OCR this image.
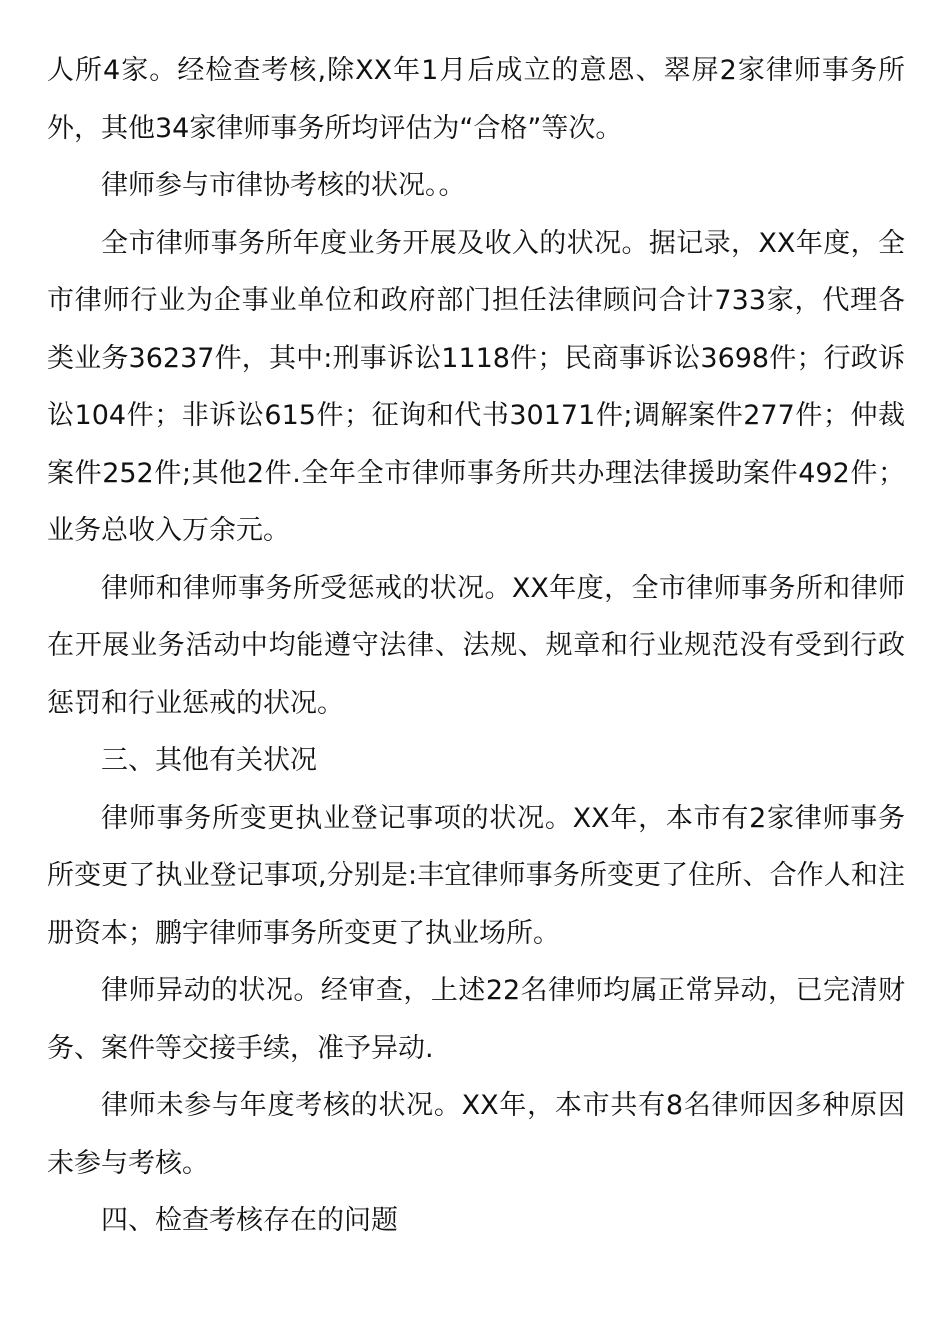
人所4家。经检查考核,除XX年1月后成立的意恩、翠屏2家律师事务所外，其他34家律师事务所均评估为“合格”等次。

律师参与市律协考核的状况。。

全市律师事务所年度业务开展及收入的状况。据记录，XX年度，全市律师行业为企事业单位和政府部门担任法律顾问合计733家，代理各类业务36237件，其中:刑事诉讼1118件；民商事诉讼3698件；行政诉讼104件；非诉讼615件；征询和代书30171件;调解案件277件；仲裁案件252件;其他2件.全年全市律师事务所共办理法律援助案件492件；业务总收入万余元。

律师和律师事务所受惩戒的状况。XX年度，全市律师事务所和律师在开展业务活动中均能遵守法律、法规、规章和行业规范没有受到行政惩罚和行业惩戒的状况。

三、其他有关状况

律师事务所变更执业登记事项的状况。XX年，本市有2家律师事务所变更了执业登记事项,分别是:丰宜律师事务所变更了住所、合作人和注册资本；鹏宇律师事务所变更了执业场所。

律师异动的状况。经审查，上述22名律师均属正常异动，已完清财务、案件等交接手续，准予异动.

律师未参与年度考核的状况。XX年，本市共有8名律师因多种原因未参与考核。

四、检查考核存在的问题
